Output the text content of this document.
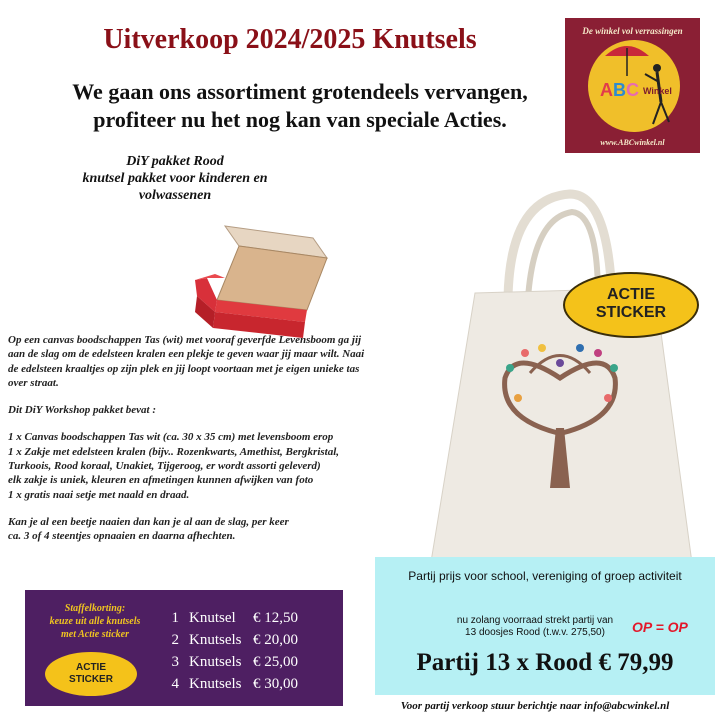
Uitverkoop 2024/2025 Knutsels
We gaan ons assortiment grotendeels vervangen,
profiteer nu het nog kan van speciale Acties.
De winkel vol verrassingen
ABC Winkel
www.ABCwinkel.nl
DiY pakket Rood
knutsel pakket voor kinderen en
volwassenen

Op een canvas boodschappen Tas (wit) met vooraf geverfde Levensboom ga jij
aan de slag om de edelsteen kralen een plekje te geven waar jij maar wilt. Naai
de edelsteen kraaltjes op zijn plek en jij loopt voortaan met je eigen unieke tas
over straat.

Dit DiY Workshop pakket bevat :

1 x Canvas boodschappen Tas wit (ca. 30 x 35 cm) met levensboom erop
1 x Zakje met edelsteen kralen (bijv.. Rozenkwarts, Amethist, Bergkristal,
Turkoois, Rood koraal, Unakiet, Tijgeroog, er wordt assorti geleverd)
elk zakje is uniek, kleuren en afmetingen kunnen afwijken van foto
1 x gratis naai setje met naald en draad.

Kan je al een beetje naaien dan kan je al aan de slag, per keer
ca. 3 of 4 steentjes opnaaien en daarna afhechten.

ACTIE
STICKER
Staffelkorting:
keuze uit alle knutsels
met Actie sticker
ACTIE
STICKER
1 Knutsel € 12,50
2 Knutsels € 20,00
3 Knutsels € 25,00
4 Knutsels € 30,00
Partij prijs voor school, vereniging of groep activiteit
nu zolang voorraad strekt partij van
13 doosjes Rood (t.w.v. 275,50)	OP = OP
Partij 13 x Rood € 79,99
Voor partij verkoop stuur berichtje naar info@abcwinkel.nl
